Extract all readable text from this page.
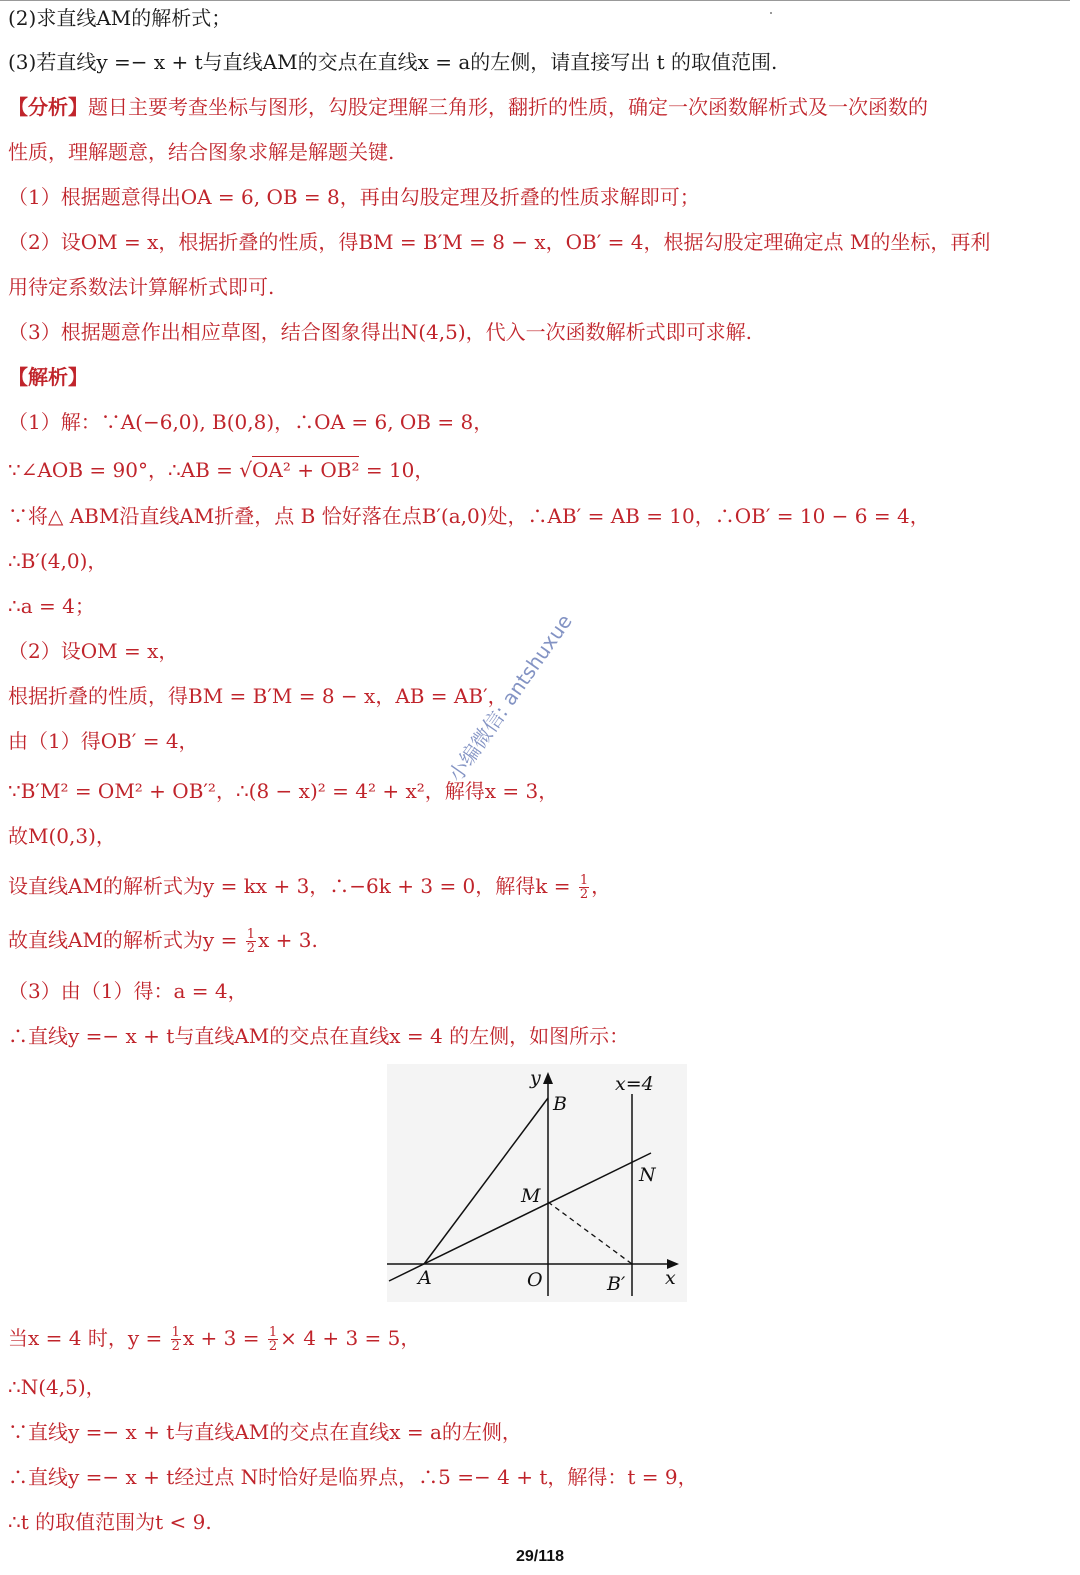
(2)求直线AM的解析式；
(3)若直线y =− x + t与直线AM的交点在直线x = a的左侧，请直接写出 t 的取值范围.
【分析】题日主要考查坐标与图形，勾股定理解三角形，翻折的性质，确定一次函数解析式及一次函数的
性质，理解题意，结合图象求解是解题关键.
（1）根据题意得出OA = 6, OB = 8，再由勾股定理及折叠的性质求解即可；
（2）设OM = x，根据折叠的性质，得BM = B′M = 8 − x，OB′ = 4，根据勾股定理确定点 M的坐标，再利
用待定系数法计算解析式即可.
（3）根据题意作出相应草图，结合图象得出N(4,5)，代入一次函数解析式即可求解.
【解析】
（1）解：∵A(−6,0), B(0,8)，∴OA = 6, OB = 8，
∵∠AOB = 90°，∴AB = √OA² + OB² = 10，
∵将△ ABM沿直线AM折叠，点 B 恰好落在点B′(a,0)处，∴AB′ = AB = 10，∴OB′ = 10 − 6 = 4，
∴B′(4,0)，
∴a = 4；
（2）设OM = x，
根据折叠的性质，得BM = B′M = 8 − x，AB = AB′，
由（1）得OB′ = 4，
∵B′M² = OM² + OB′²，∴(8 − x)² = 4² + x²，解得x = 3，
故M(0,3)，
设直线AM的解析式为y = kx + 3，∴−6k + 3 = 0，解得$k = \frac{1}{2}$ ，
故直线AM的解析式为$y = \frac{1}{2}$ x + 3.
（3）由（1）得：a = 4，
∴直线y =− x + t与直线AM的交点在直线x = 4 的左侧，如图所示：
y
B
x=4
N
M
A	O	B′ x
当x = 4 时，$y = \frac{1}{2}$ $x + 3 = \frac{1}{2} \times 4 + 3 = 5$，
∴N(4,5)，
∵直线y =− x + t与直线AM的交点在直线x = a的左侧，
∴直线y =− x + t经过点 N时恰好是临界点，∴5 =− 4 + t，解得：t = 9，
∴t 的取值范围为t < 9.
小编微信: antshuxue
29/118
